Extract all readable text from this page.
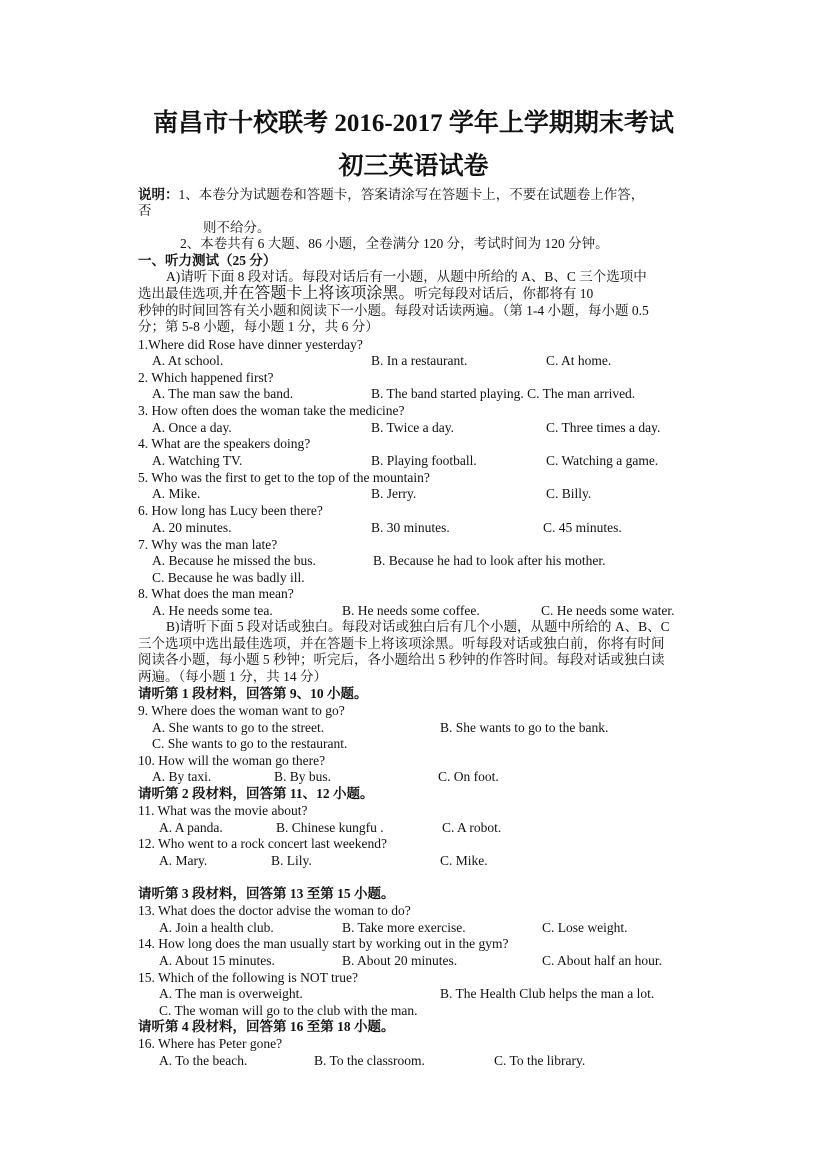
南昌市十校联考 2016-2017 学年上学期期末考试
初三英语试卷
说明：1、本卷分为试题卷和答题卡，答案请涂写在答题卡上，不要在试题卷上作答，
否
则不给分。
2、本卷共有 6 大题、86 小题，全卷满分 120 分，考试时间为 120 分钟。
一、听力测试（25 分）
A)请听下面 8 段对话。每段对话后有一小题，从题中所给的 A、B、C 三个选项中
选出最佳选项,并在答题卡上将该项涂黑。听完每段对话后，你都将有 10
秒钟的时间回答有关小题和阅读下一小题。每段对话读两遍。（第 1-4 小题，每小题 0.5
分；第 5-8 小题，每小题 1 分，共 6 分）
1.Where did Rose have dinner yesterday?
A. At school.	B. In a restaurant.	C. At home.
2. Which happened first?
A. The man saw the band.	B. The band started playing. C. The man arrived.
3. How often does the woman take the medicine?
A. Once a day.	B. Twice a day.	C. Three times a day.
4. What are the speakers doing?
A. Watching TV.	B. Playing football.	C. Watching a game.
5. Who was the first to get to the top of the mountain?
A. Mike.	B. Jerry.	C. Billy.
6. How long has Lucy been there?
A. 20 minutes.	B. 30 minutes.	C. 45 minutes.
7. Why was the man late?
A. Because he missed the bus.	B. Because he had to look after his mother.
C. Because he was badly ill.
8. What does the man mean?
A. He needs some tea.	B. He needs some coffee.	C. He needs some water.
B)请听下面 5 段对话或独白。每段对话或独白后有几个小题，从题中所给的 A、B、C
三个选项中选出最佳选项，并在答题卡上将该项涂黑。听每段对话或独白前，你将有时间
阅读各小题，每小题 5 秒钟；听完后，各小题给出 5 秒钟的作答时间。每段对话或独白读
两遍。（每小题 1 分，共 14 分）
请听第 1 段材料，回答第 9、10 小题。
9. Where does the woman want to go?
A. She wants to go to the street.	B. She wants to go to the bank.
C. She wants to go to the restaurant.
10. How will the woman go there?
A. By taxi.	B. By bus.	C. On foot.
请听第 2 段材料，回答第 11、12 小题。
11. What was the movie about?
A. A panda.	B. Chinese kungfu .	C. A robot.
12. Who went to a rock concert last weekend?
A. Mary.	B. Lily.	C. Mike.
请听第 3 段材料，回答第 13 至第 15 小题。
13. What does the doctor advise the woman to do?
A. Join a health club.	B. Take more exercise.	C. Lose weight.
14. How long does the man usually start by working out in the gym?
A. About 15 minutes.	B. About 20 minutes.	C. About half an hour.
15. Which of the following is NOT true?
A. The man is overweight.	B. The Health Club helps the man a lot.
C. The woman will go to the club with the man.
请听第 4 段材料，回答第 16 至第 18 小题。
16. Where has Peter gone?
A. To the beach.	B. To the classroom.	C. To the library.
